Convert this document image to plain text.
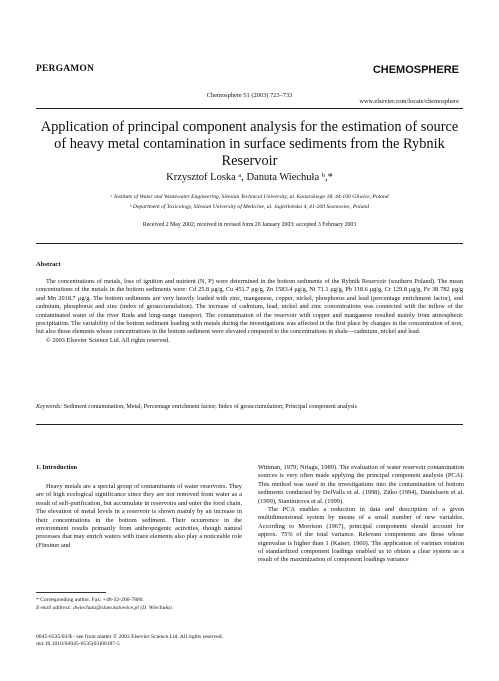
PERGAMON
Chemosphere 51 (2003) 723–733
CHEMOSPHERE
www.elsevier.com/locate/chemosphere
Application of principal component analysis for the estimation of source of heavy metal contamination in surface sediments from the Rybnik Reservoir
Krzysztof Loska ᵃ, Danuta Wiechuła ᵇ,*
ᵃ Institute of Water and Wastewater Engineering, Silesian Technical University, ul. Konarskiego 18, 44-100 Gliwice, Poland
ᵇ Department of Toxicology, Silesian University of Medicine, ul. Jagiellońska 4, 41-200 Sosnowiec, Poland
Received 2 May 2002; received in revised form 20 January 2003; accepted 3 February 2003
Abstract
The concentrations of metals, loss of ignition and nutrient (N, P) were determined in the bottom sediments of the Rybnik Reservoir (southern Poland). The mean concentrations of the metals in the bottom sediments were: Cd 25.8 μg/g, Cu 451.7 μg/g, Zn 1583.4 μg/g, Ni 71.1 μg/g, Pb 118.6 μg/g, Cr 129.8 μg/g, Fe 38 782 μg/g and Mn 2018.7 μg/g. The bottom sediments are very heavily loaded with zinc, manganese, copper, nickel, phosphorus and lead (percentage enrichment factor), and cadmium, phosphorus and zinc (index of geoaccumulation). The increase of cadmium, lead, nickel and zinc concentrations was connected with the inflow of the contaminated water of the river Ruda and long-range transport. The contamination of the reservoir with copper and manganese resulted mainly from atmospheric precipitation. The variability of the bottom sediment loading with metals during the investigations was affected in the first place by changes in the concentration of iron, but also those elements whose concentrations in the bottom sediment were elevated compared to the concentrations in shale—cadmium, nickel and lead.
© 2003 Elsevier Science Ltd. All rights reserved.
Keywords: Sediment contamination; Metal; Percentage enrichment factor; Index of geoaccumulation; Principal component analysis
1. Introduction

Heavy metals are a special group of contaminants of water reservoirs. They are of high ecological significance since they are not removed from water as a result of self-purification, but accumulate in reservoirs and enter the food chain. The elevation of metal levels in a reservoir is shown mainly by an increase in their concentrations in the bottom sediment. Their occurrence in the environment results primarily from anthropogenic activities, though natural processes that may enrich waters with trace elements also play a noticeable role (Förstner and

Wittman, 1979; Nriagu, 1989). The evaluation of water reservoir contamination sources is very often made applying the principal component analysis (PCA). This method was used in the investigations into the contamination of bottom sediments conducted by DelValls et al. (1998), Zitko (1994), Danielsson et al. (1999), Stanimirova et al. (1999).

The PCA enables a reduction in data and description of a given multidimensional system by means of a small number of new variables. According to Morrison (1967), principal components should account for approx. 75% of the total variance. Relevant components are those whose eigenvalue is higher than 1 (Kaiser, 1960). The application of varimax rotation of standardized component loadings enabled us to obtain a clear system as a result of the maximization of component loadings variance

* Corresponding author. Fax: +48-32-266-7860.
E-mail address: dwiechula@slam.katowice.pl (D. Wiechuła).
0045-6535/03/$ - see front matter © 2003 Elsevier Science Ltd. All rights reserved.
doi:10.1016/S0045-6535(03)00187-5
